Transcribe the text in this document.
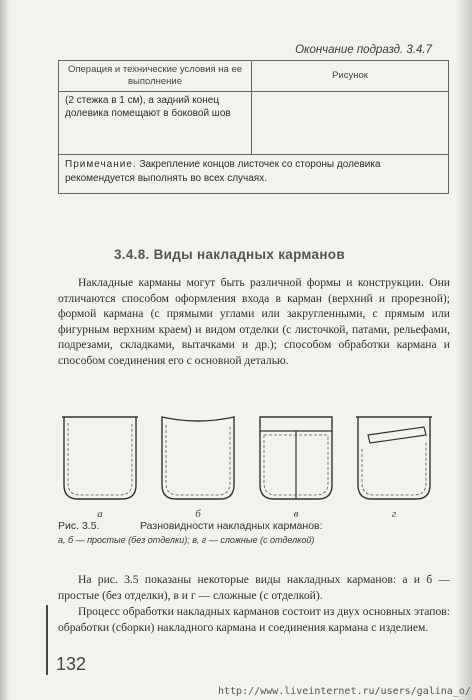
Окончание подразд. 3.4.7
Операция и технические условия на ее выполнение	Рисунок
(2 стежка в 1 см), а задний конец долевика помещают в боковой шов	
Примечание. Закрепление концов листочек со стороны долевика рекомендуется выполнять во всех случаях.	
3.4.8. Виды накладных карманов

Накладные карманы могут быть различной формы и конструкции. Они отличаются способом оформления входа в карман (верхний и прорезной); формой кармана (с прямыми углами или закругленными, с прямым или фигурным верхним краем) и видом отделки (с листочкой, патами, рельефами, подрезами, складками, вытачками и др.); способом обработки кармана и способом соединения его с основной деталью.

а	б	в	г
Рис. 3.5.	Разновидности накладных карманов:
а, б — простые (без отделки); в, г — сложные (с отделкой)

На рис. 3.5 показаны некоторые виды накладных карманов: а и б — простые (без отделки), в и г — сложные (с отделкой).

Процесс обработки накладных карманов состоит из двух основных этапов: обработки (сборки) накладного кармана и соединения кармана с изделием.

132
http://www.liveinternet.ru/users/galina_o/
